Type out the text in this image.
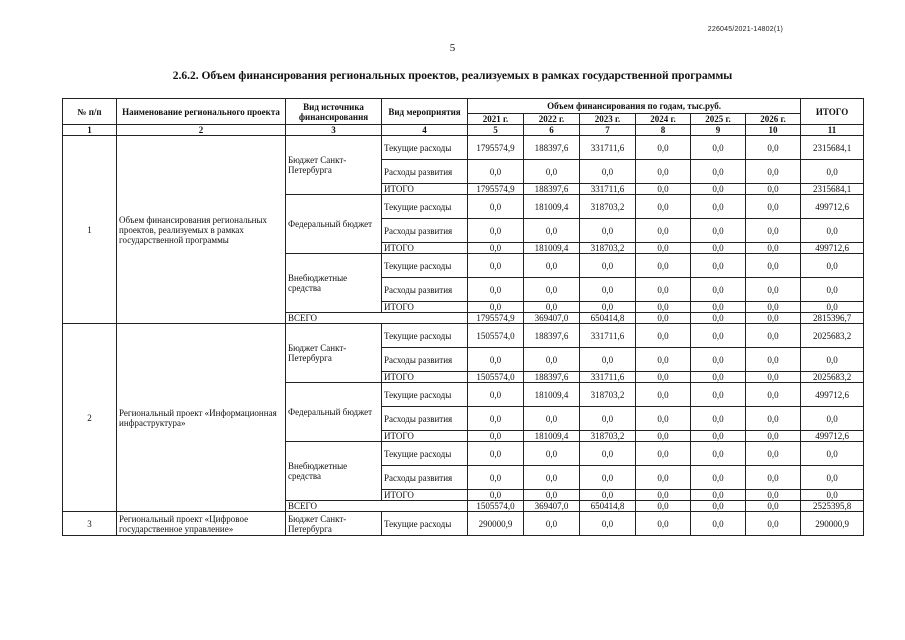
226045/2021-14802(1)
5
2.6.2. Объем финансирования региональных проектов, реализуемых в рамках государственной программы
№ п/п	Наименование регионального проекта	Вид источника финансирования	Вид мероприятия	Объем финансирования по годам, тыс.руб.						ИТОГО
				2021 г.	2022 г.	2023 г.	2024 г.	2025 г.	2026 г.	
1	2	3	4	5	6	7	8	9	10	11
1	Объем финансирования региональных проектов, реализуемых в рамках государственной программы	Бюджет Санкт-Петербурга	Текущие расходы	1795574,9	188397,6	331711,6	0,0	0,0	0,0	2315684,1
			Расходы развития	0,0	0,0	0,0	0,0	0,0	0,0	0,0
			ИТОГО	1795574,9	188397,6	331711,6	0,0	0,0	0,0	2315684,1
		Федеральный бюджет	Текущие расходы	0,0	181009,4	318703,2	0,0	0,0	0,0	499712,6
			Расходы развития	0,0	0,0	0,0	0,0	0,0	0,0	0,0
			ИТОГО	0,0	181009,4	318703,2	0,0	0,0	0,0	499712,6
		Внебюджетные средства	Текущие расходы	0,0	0,0	0,0	0,0	0,0	0,0	0,0
			Расходы развития	0,0	0,0	0,0	0,0	0,0	0,0	0,0
			ИТОГО	0,0	0,0	0,0	0,0	0,0	0,0	0,0
		ВСЕГО		1795574,9	369407,0	650414,8	0,0	0,0	0,0	2815396,7
2	Региональный проект «Информационная инфраструктура»	Бюджет Санкт-Петербурга	Текущие расходы	1505574,0	188397,6	331711,6	0,0	0,0	0,0	2025683,2
			Расходы развития	0,0	0,0	0,0	0,0	0,0	0,0	0,0
			ИТОГО	1505574,0	188397,6	331711,6	0,0	0,0	0,0	2025683,2
		Федеральный бюджет	Текущие расходы	0,0	181009,4	318703,2	0,0	0,0	0,0	499712,6
			Расходы развития	0,0	0,0	0,0	0,0	0,0	0,0	0,0
			ИТОГО	0,0	181009,4	318703,2	0,0	0,0	0,0	499712,6
		Внебюджетные средства	Текущие расходы	0,0	0,0	0,0	0,0	0,0	0,0	0,0
			Расходы развития	0,0	0,0	0,0	0,0	0,0	0,0	0,0
			ИТОГО	0,0	0,0	0,0	0,0	0,0	0,0	0,0
		ВСЕГО		1505574,0	369407,0	650414,8	0,0	0,0	0,0	2525395,8
3	Региональный проект «Цифровое государственное управление»	Бюджет Санкт-Петербурга	Текущие расходы	290000,9	0,0	0,0	0,0	0,0	0,0	290000,9
